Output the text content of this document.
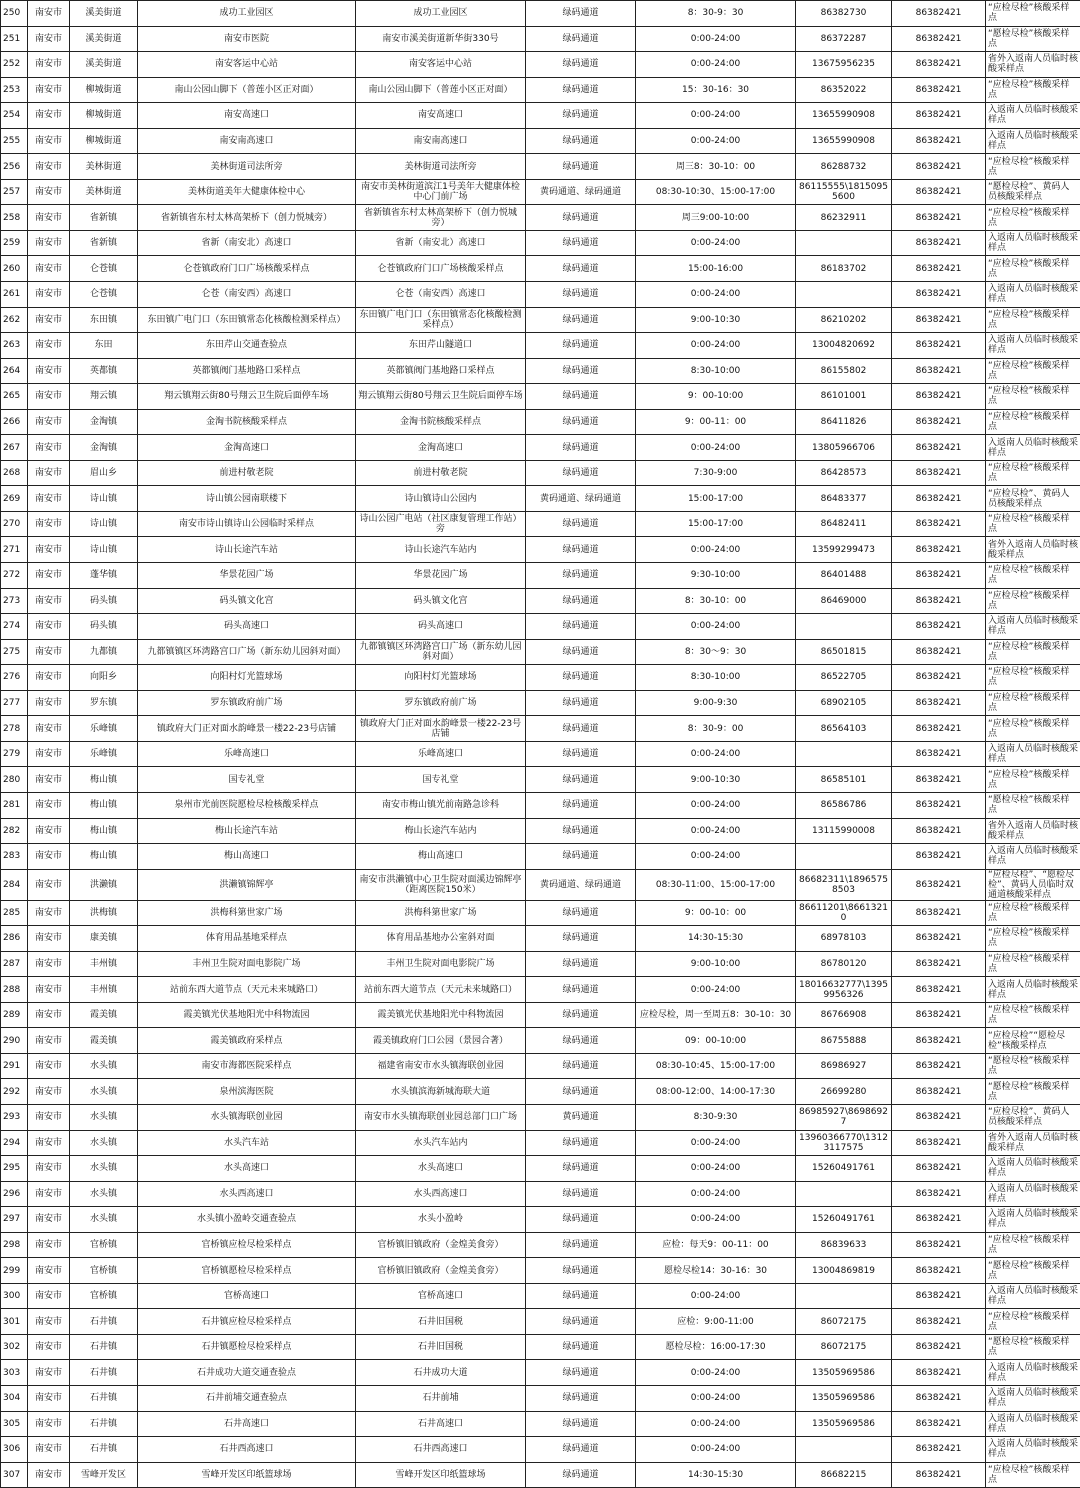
250	南安市	溪美街道	成功工业园区	成功工业园区	绿码通道	8：30-9：30	86382730	86382421	“应检尽检”核酸采样点
251	南安市	溪美街道	南安市医院	南安市溪美街道新华街330号	绿码通道	0:00-24:00	86372287	86382421	“愿检尽检”核酸采样点
252	南安市	溪美街道	南安客运中心站	南安客运中心站	绿码通道	0:00-24:00	13675956235	86382421	省外入返南人员临时核酸采样点
253	南安市	柳城街道	南山公园山脚下（普莲小区正对面）	南山公园山脚下（普莲小区正对面）	绿码通道	15：30-16：30	86352022	86382421	“应检尽检”核酸采样点
254	南安市	柳城街道	南安高速口	南安高速口	绿码通道	0:00-24:00	13655990908	86382421	入返南人员临时核酸采样点
255	南安市	柳城街道	南安南高速口	南安南高速口	绿码通道	0:00-24:00	13655990908	86382421	入返南人员临时核酸采样点
256	南安市	美林街道	美林街道司法所旁	美林街道司法所旁	绿码通道	周三8：30-10：00	86288732	86382421	“应检尽检”核酸采样点
257	南安市	美林街道	美林街道美年大健康体检中心	南安市美林街道滨江1号美年大健康体检中心门前广场	黄码通道、绿码通道	08:30-10:30、15:00-17:00	86115555\18150955600	86382421	“愿检尽检”、黄码人员核酸采样点
258	南安市	省新镇	省新镇省东村太林高架桥下（创力悦城旁）	省新镇省东村太林高架桥下（创力悦城旁）	绿码通道	周三9:00-10:00	86232911	86382421	“应检尽检”核酸采样点
259	南安市	省新镇	省新（南安北）高速口	省新（南安北）高速口	绿码通道	0:00-24:00		86382421	入返南人员临时核酸采样点
260	南安市	仑苍镇	仑苍镇政府门口广场核酸采样点	仑苍镇政府门口广场核酸采样点	绿码通道	15:00-16:00	86183702	86382421	“应检尽检”核酸采样点
261	南安市	仑苍镇	仑苍（南安西）高速口	仑苍（南安西）高速口	绿码通道	0:00-24:00		86382421	入返南人员临时核酸采样点
262	南安市	东田镇	东田镇广电门口（东田镇常态化核酸检测采样点）	东田镇广电门口（东田镇常态化核酸检测采样点）	绿码通道	9:00-10:30	86210202	86382421	“应检尽检”核酸采样点
263	南安市	东田	东田芹山交通查验点	东田芹山隧道口	绿码通道	0:00-24:00	13004820692	86382421	入返南人员临时核酸采样点
264	南安市	英都镇	英都镇阀门基地路口采样点	英都镇阀门基地路口采样点	绿码通道	8:30-10:00	86155802	86382421	“应检尽检”核酸采样点
265	南安市	翔云镇	翔云镇翔云街80号翔云卫生院后面停车场	翔云镇翔云街80号翔云卫生院后面停车场	绿码通道	9：00-10:00	86101001	86382421	“应检尽检”核酸采样点
266	南安市	金淘镇	金淘书院核酸采样点	金淘书院核酸采样点	绿码通道	9：00-11：00	86411826	86382421	“应检尽检”核酸采样点
267	南安市	金淘镇	金淘高速口	金淘高速口	绿码通道	0:00-24:00	13805966706	86382421	入返南人员临时核酸采样点
268	南安市	眉山乡	前进村敬老院	前进村敬老院	绿码通道	7:30-9:00	86428573	86382421	“应检尽检”核酸采样点
269	南安市	诗山镇	诗山镇公园南联楼下	诗山镇诗山公园内	黄码通道、绿码通道	15:00-17:00	86483377	86382421	“应检尽检”、黄码人员核酸采样点
270	南安市	诗山镇	南安市诗山镇诗山公园临时采样点	诗山公园广电站（社区康复管理工作站）旁	绿码通道	15:00-17:00	86482411	86382421	“应检尽检”核酸采样点
271	南安市	诗山镇	诗山长途汽车站	诗山长途汽车站内	绿码通道	0:00-24:00	13599299473	86382421	省外入返南人员临时核酸采样点
272	南安市	蓬华镇	华景花园广场	华景花园广场	绿码通道	9:30-10:00	86401488	86382421	“应检尽检”核酸采样点
273	南安市	码头镇	码头镇文化宫	码头镇文化宫	绿码通道	8：30-10：00	86469000	86382421	“应检尽检”核酸采样点
274	南安市	码头镇	码头高速口	码头高速口	绿码通道	0:00-24:00		86382421	入返南人员临时核酸采样点
275	南安市	九都镇	九都镇镇区环湾路宫口广场（新东幼儿园斜对面）	九都镇镇区环湾路宫口广场（新东幼儿园斜对面）	绿码通道	8：30～9：30	86501815	86382421	“应检尽检”核酸采样点
276	南安市	向阳乡	向阳村灯光篮球场	向阳村灯光篮球场	绿码通道	8:30-10:00	86522705	86382421	“应检尽检”核酸采样点
277	南安市	罗东镇	罗东镇政府前广场	罗东镇政府前广场	绿码通道	9:00-9:30	68902105	86382421	“应检尽检”核酸采样点
278	南安市	乐峰镇	镇政府大门正对面水韵峰景一楼22-23号店铺	镇政府大门正对面水韵峰景一楼22-23号店铺	绿码通道	8：30-9：00	86564103	86382421	“应检尽检”核酸采样点
279	南安市	乐峰镇	乐峰高速口	乐峰高速口	绿码通道	0:00-24:00		86382421	入返南人员临时核酸采样点
280	南安市	梅山镇	国专礼堂	国专礼堂	绿码通道	9:00-10:30	86585101	86382421	“应检尽检”核酸采样点
281	南安市	梅山镇	泉州市光前医院愿检尽检核酸采样点	南安市梅山镇光前南路急诊科	绿码通道	0:00-24:00	86586786	86382421	“愿检尽检”核酸采样点
282	南安市	梅山镇	梅山长途汽车站	梅山长途汽车站内	绿码通道	0:00-24:00	13115990008	86382421	省外入返南人员临时核酸采样点
283	南安市	梅山镇	梅山高速口	梅山高速口	绿码通道	0:00-24:00		86382421	入返南人员临时核酸采样点
284	南安市	洪濑镇	洪濑镇锦辉亭	南安市洪濑镇中心卫生院对面溪边锦辉亭（距离医院150米）	黄码通道、绿码通道	08:30-11:00、15:00-17:00	86682311\18965758503	86382421	“应检尽检”、“愿检尽检”、黄码人员临时双通道核酸采样点
285	南安市	洪梅镇	洪梅科第世家广场	洪梅科第世家广场	绿码通道	9：00-10：00	86611201\86613210	86382421	“应检尽检”核酸采样点
286	南安市	康美镇	体育用品基地采样点	体育用品基地办公室斜对面	绿码通道	14:30-15:30	68978103	86382421	“应检尽检”核酸采样点
287	南安市	丰州镇	丰州卫生院对面电影院广场	丰州卫生院对面电影院广场	绿码通道	9:00-10:00	86780120	86382421	“应检尽检”核酸采样点
288	南安市	丰州镇	站前东西大道节点（天元未来城路口）	站前东西大道节点（天元未来城路口）	绿码通道	0:00-24:00	18016632777\13959956326	86382421	入返南人员临时核酸采样点
289	南安市	霞美镇	霞美镇光伏基地阳光中科物流园	霞美镇光伏基地阳光中科物流园	绿码通道	应检尽检，周一至周五8：30-10：30	86766908	86382421	“应检尽检”核酸采样点
290	南安市	霞美镇	霞美镇政府采样点	霞美镇政府门口公园（景园合著）	绿码通道	09：00-10:00	86755888	86382421	“应检尽检”“愿检尽检”核酸采样点
291	南安市	水头镇	南安市海都医院采样点	福建省南安市水头镇海联创业园	绿码通道	08:30-10:45、15:00-17:00	86986927	86382421	“愿检尽检”核酸采样点
292	南安市	水头镇	泉州滨海医院	水头镇滨海新城海联大道	绿码通道	08:00-12:00、14:00-17:30	26699280	86382421	“愿检尽检”核酸采样点
293	南安市	水头镇	水头镇海联创业园	南安市水头镇海联创业园总部门口广场	黄码通道	8:30-9:30	86985927\86986927	86382421	“应检尽检”、黄码人员核酸采样点
294	南安市	水头镇	水头汽车站	水头汽车站内	绿码通道	0:00-24:00	13960366770\13123117575	86382421	省外入返南人员临时核酸采样点
295	南安市	水头镇	水头高速口	水头高速口	绿码通道	0:00-24:00	15260491761	86382421	入返南人员临时核酸采样点
296	南安市	水头镇	水头西高速口	水头西高速口	绿码通道	0:00-24:00		86382421	入返南人员临时核酸采样点
297	南安市	水头镇	水头镇小盈岭交通查验点	水头小盈岭	绿码通道	0:00-24:00	15260491761	86382421	入返南人员临时核酸采样点
298	南安市	官桥镇	官桥镇应检尽检采样点	官桥镇旧镇政府（金煌美食旁）	绿码通道	应检：每天9：00-11：00	86839633	86382421	“应检尽检”核酸采样点
299	南安市	官桥镇	官桥镇愿检尽检采样点	官桥镇旧镇政府（金煌美食旁）	绿码通道	愿检尽检14：30-16：30	13004869819	86382421	“愿检尽检”核酸采样点
300	南安市	官桥镇	官桥高速口	官桥高速口	绿码通道	0:00-24:00		86382421	入返南人员临时核酸采样点
301	南安市	石井镇	石井镇应检尽检采样点	石井旧国税	绿码通道	应检：9:00-11:00	86072175	86382421	“应检尽检”核酸采样点
302	南安市	石井镇	石井镇愿检尽检采样点	石井旧国税	绿码通道	愿检尽检：16:00-17:30	86072175	86382421	“愿检尽检”核酸采样点
303	南安市	石井镇	石井成功大道交通查验点	石井成功大道	绿码通道	0:00-24:00	13505969586	86382421	入返南人员临时核酸采样点
304	南安市	石井镇	石井前埔交通查验点	石井前埔	绿码通道	0:00-24:00	13505969586	86382421	入返南人员临时核酸采样点
305	南安市	石井镇	石井高速口	石井高速口	绿码通道	0:00-24:00	13505969586	86382421	入返南人员临时核酸采样点
306	南安市	石井镇	石井西高速口	石井西高速口	绿码通道	0:00-24:00		86382421	入返南人员临时核酸采样点
307	南安市	雪峰开发区	雪峰开发区印纸篮球场	雪峰开发区印纸篮球场	绿码通道	14:30-15:30	86682215	86382421	“应检尽检”核酸采样点
